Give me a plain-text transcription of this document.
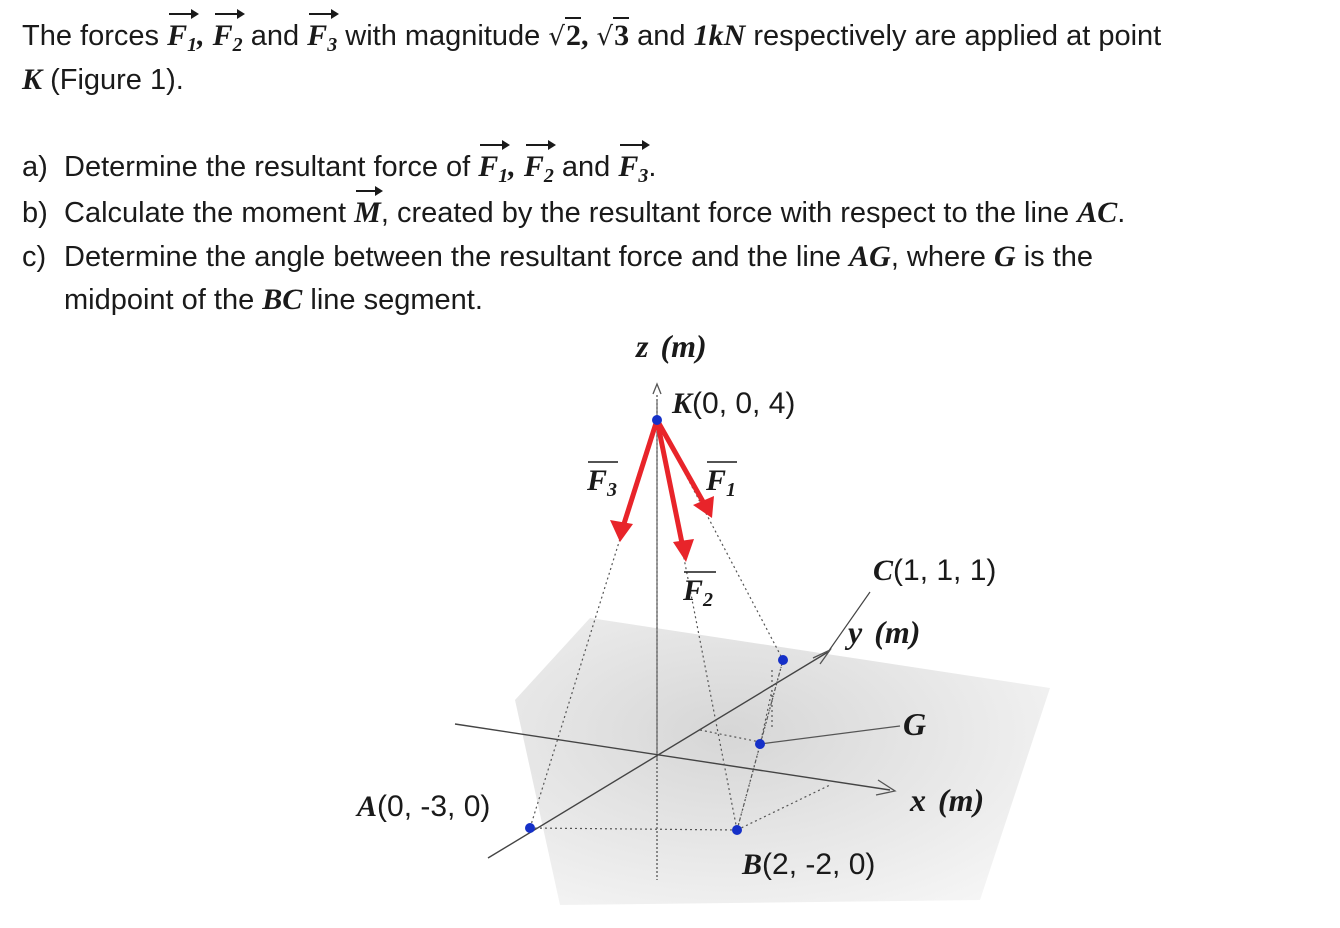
The forces $F_1$, $F_2$ and $F_3$ with magnitude √2, √3 and 1kN respectively are applied at point
K (Figure 1).
a) Determine the resultant force of $F_1$, $F_2$ and $F_3$.
b) Calculate the moment M, created by the resultant force with respect to the line AC.
c) Determine the angle between the resultant force and the line AG, where G is the
midpoint of the BC line segment.
z (m)
K(0, 0, 4)
$F_3$	$F_1$
$F_2$
C(1, 1, 1)
y (m)
G
x (m)
A(0, -3, 0)
B(2, -2, 0)
